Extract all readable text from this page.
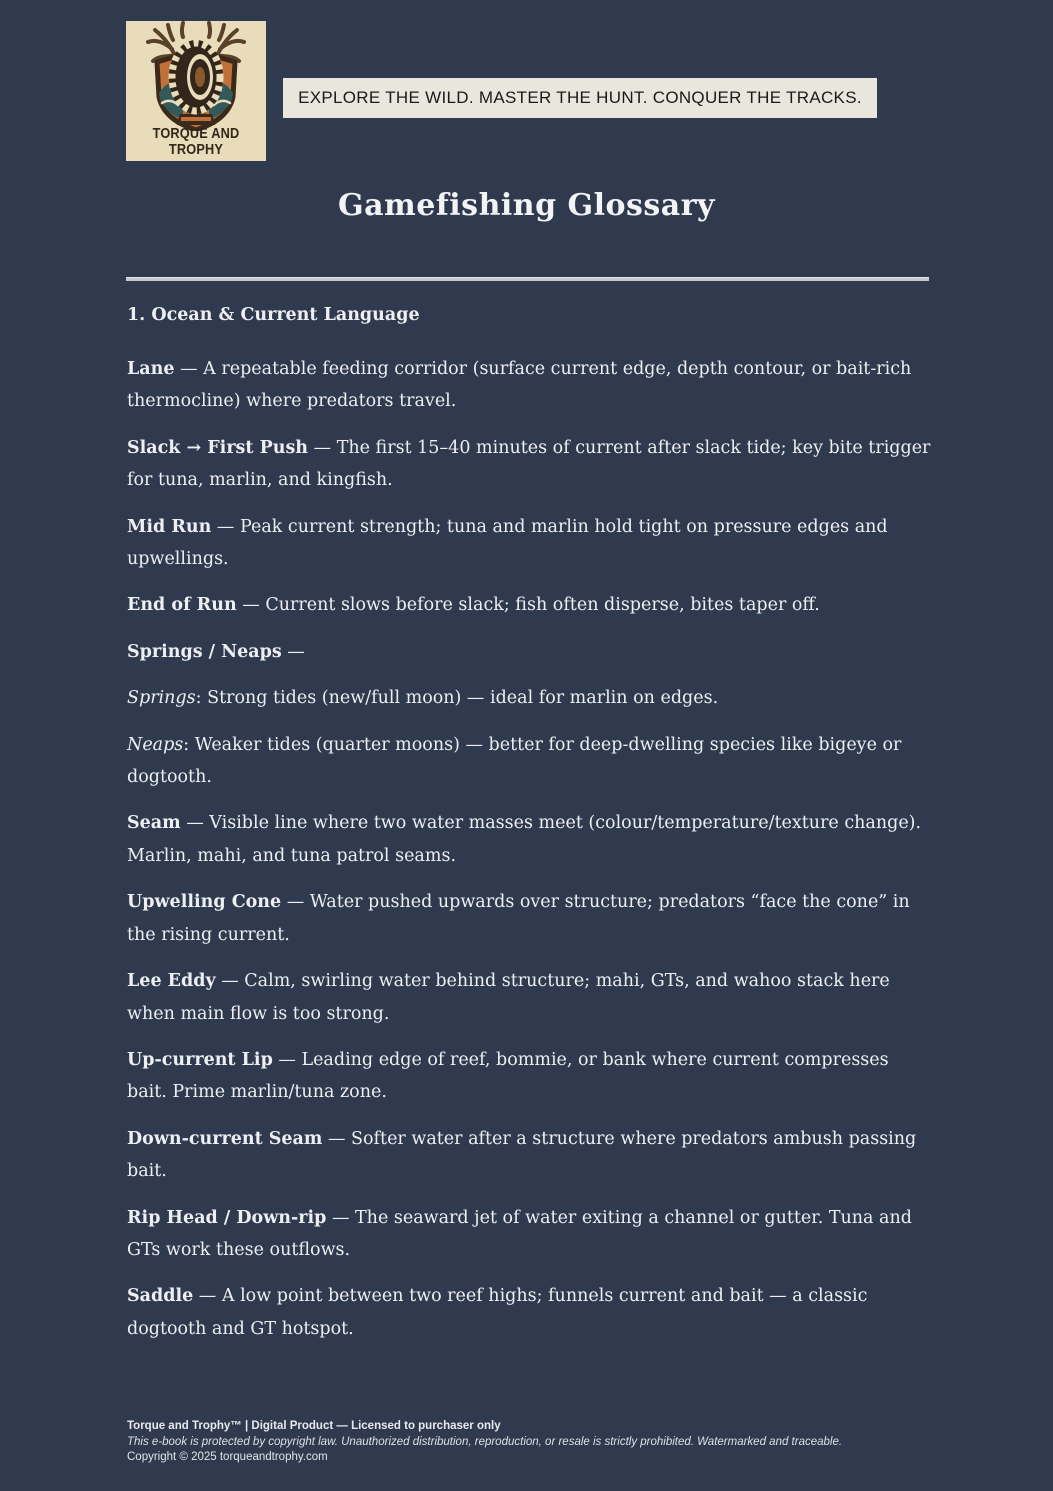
TORQUE AND
TROPHY
EXPLORE THE WILD. MASTER THE HUNT. CONQUER THE TRACKS.
Gamefishing Glossary

1. Ocean & Current Language

Lane — A repeatable feeding corridor (surface current edge, depth contour, or bait-rich thermocline) where predators travel.

Slack → First Push — The first 15–40 minutes of current after slack tide; key bite trigger for tuna, marlin, and kingfish.

Mid Run — Peak current strength; tuna and marlin hold tight on pressure edges and upwellings.

End of Run — Current slows before slack; fish often disperse, bites taper off.

Springs / Neaps —

Springs: Strong tides (new/full moon) — ideal for marlin on edges.

Neaps: Weaker tides (quarter moons) — better for deep-dwelling species like bigeye or dogtooth.

Seam — Visible line where two water masses meet (colour/temperature/texture change). Marlin, mahi, and tuna patrol seams.

Upwelling Cone — Water pushed upwards over structure; predators “face the cone” in the rising current.

Lee Eddy — Calm, swirling water behind structure; mahi, GTs, and wahoo stack here when main flow is too strong.

Up-current Lip — Leading edge of reef, bommie, or bank where current compresses bait. Prime marlin/tuna zone.

Down-current Seam — Softer water after a structure where predators ambush passing bait.

Rip Head / Down-rip — The seaward jet of water exiting a channel or gutter. Tuna and GTs work these outflows.

Saddle — A low point between two reef highs; funnels current and bait — a classic dogtooth and GT hotspot.

Torque and Trophy™ | Digital Product — Licensed to purchaser only
This e-book is protected by copyright law. Unauthorized distribution, reproduction, or resale is strictly prohibited. Watermarked and traceable.
Copyright © 2025 torqueandtrophy.com
